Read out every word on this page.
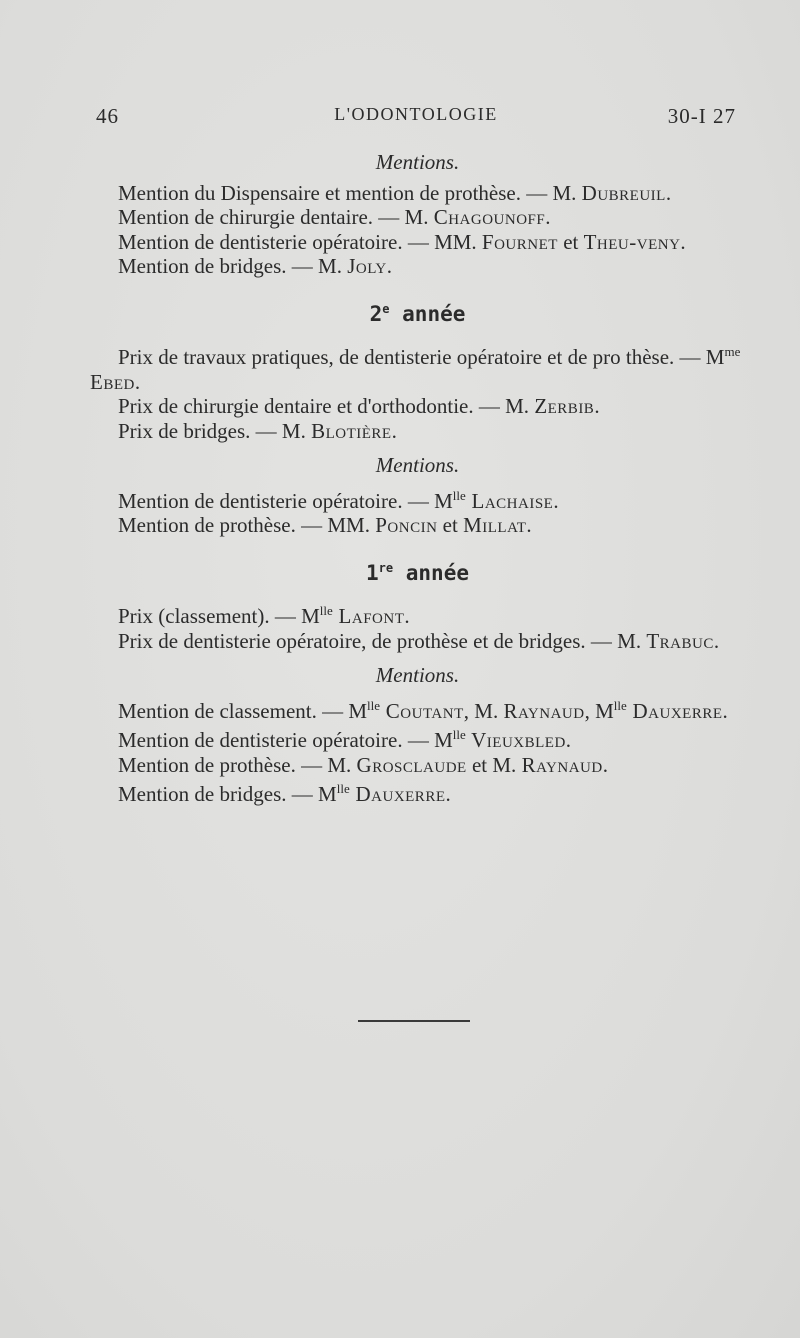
46	L'ODONTOLOGIE	30-I 27
Mentions.

Mention du Dispensaire et mention de prothèse. — M. Dubreuil.

Mention de chirurgie dentaire. — M. Chagounoff.

Mention de dentisterie opératoire. — MM. Fournet et Theu-veny.

Mention de bridges. — M. Joly.

2e année

Prix de travaux pratiques, de dentisterie opératoire et de pro thèse. — $M^{me}$ Ebed.

Prix de chirurgie dentaire et d'orthodontie. — M. Zerbib.

Prix de bridges. — M. Blotière.

Mentions.

Mention de dentisterie opératoire. — $M^{lle}$ Lachaise.

Mention de prothèse. — MM. Poncin et Millat.

1re année

Prix (classement). — $M^{lle}$ Lafont.

Prix de dentisterie opératoire, de prothèse et de bridges. — M. Trabuc.

Mentions.

Mention de classement. — $M^{lle}$ Coutant, M. Raynaud, $M^{lle}$ Dauxerre.

Mention de dentisterie opératoire. — $M^{lle}$ Vieuxbled.

Mention de prothèse. — M. Grosclaude et M. Raynaud.

Mention de bridges. — $M^{lle}$ Dauxerre.
